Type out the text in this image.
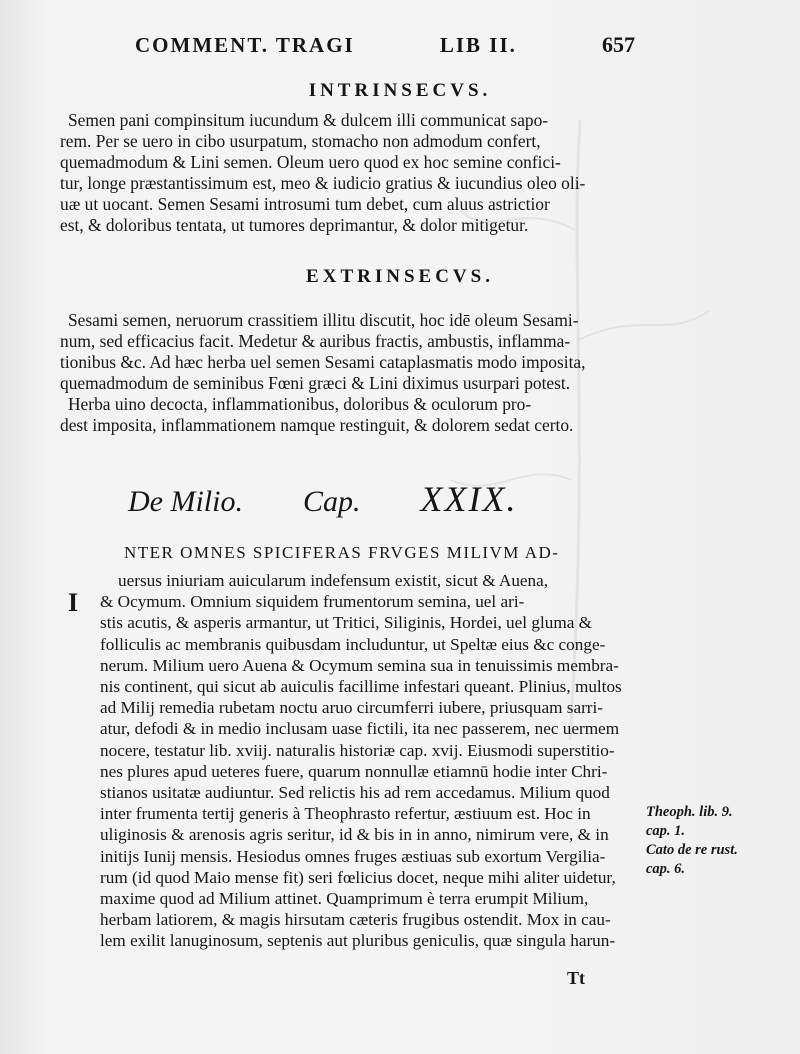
COMMENT. TRAGI	LIB II.	657
INTRINSECVS.
Semen pani compinsitum iucundum & dulcem illi communicat sapo-
rem. Per se uero in cibo usurpatum, stomacho non admodum confert,
quemadmodum & Lini semen. Oleum uero quod ex hoc semine confici-
tur, longe præstantissimum est, meo & iudicio gratius & iucundius oleo oli-
uæ ut uocant. Semen Sesami introsumi tum debet, cum aluus astrictior
est, & doloribus tentata, ut tumores deprimantur, & dolor mitigetur.
EXTRINSECVS.
Sesami semen, neruorum crassitiem illitu discutit, hoc idē oleum Sesami-
num, sed efficacius facit. Medetur & auribus fractis, ambustis, inflamma-
tionibus &c. Ad hæc herba uel semen Sesami cataplasmatis modo imposita,
quemadmodum de seminibus Fœni græci & Lini diximus usurpari potest.
Herba uino decocta, inflammationibus, doloribus & oculorum pro-
dest imposita, inflammationem namque restinguit, & dolorem sedat certo.
De Milio. Cap. XXIX.
NTER OMNES SPICIFERAS FRVGES MILIVM AD-
I
uersus iniuriam auicularum indefensum existit, sicut & Auena,
& Ocymum. Omnium siquidem frumentorum semina, uel ari-
stis acutis, & asperis armantur, ut Tritici, Siliginis, Hordei, uel gluma &
folliculis ac membranis quibusdam includuntur, ut Speltæ eius &c conge-
nerum. Milium uero Auena & Ocymum semina sua in tenuissimis membra-
nis continent, qui sicut ab auiculis facillime infestari queant. Plinius, multos
ad Milij remedia rubetam noctu aruo circumferri iubere, priusquam sarri-
atur, defodi & in medio inclusam uase fictili, ita nec passerem, nec uermem
nocere, testatur lib. xviij. naturalis historiæ cap. xvij. Eiusmodi superstitio-
nes plures apud ueteres fuere, quarum nonnullæ etiamnū hodie inter Chri-
stianos usitatæ audiuntur. Sed relictis his ad rem accedamus. Milium quod
inter frumenta tertij generis à Theophrasto refertur, æstiuum est. Hoc in
uliginosis & arenosis agris seritur, id & bis in in anno, nimirum vere, & in
initijs Iunij mensis. Hesiodus omnes fruges æstiuas sub exortum Vergilia-
rum (id quod Maio mense fit) seri fœlicius docet, neque mihi aliter uidetur,
maxime quod ad Milium attinet. Quamprimum è terra erumpit Milium,
herbam latiorem, & magis hirsutam cæteris frugibus ostendit. Mox in cau-
lem exilit lanuginosum, septenis aut pluribus geniculis, quæ singula harun-
Theoph. lib. 9.
cap. 1.
Cato de re rust.
cap. 6.
Tt
